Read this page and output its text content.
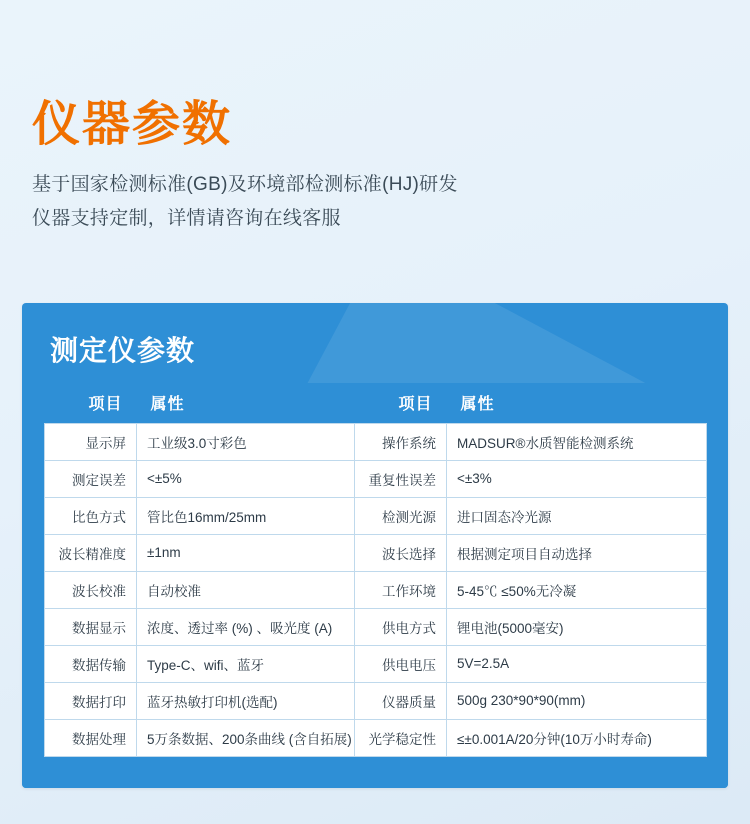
仪器参数
基于国家检测标准(GB)及环境部检测标准(HJ)研发
仪器支持定制，详情请咨询在线客服
测定仪参数
项目	属性	项目	属性
显示屏	工业级3.0寸彩色	操作系统	MADSUR®水质智能检测系统
测定误差	<±5%	重复性误差	<±3%
比色方式	管比色16mm/25mm	检测光源	进口固态冷光源
波长精准度	±1nm	波长选择	根据测定项目自动选择
波长校准	自动校准	工作环境	5-45℃ ≤50%无冷凝
数据显示	浓度、透过率 (%) 、吸光度 (A)	供电方式	锂电池(5000毫安)
数据传输	Type-C、wifi、蓝牙	供电电压	5V=2.5A
数据打印	蓝牙热敏打印机(选配)	仪器质量	500g 230*90*90(mm)
数据处理	5万条数据、200条曲线 (含自拓展)	光学稳定性	≤±0.001A/20分钟(10万小时寿命)
